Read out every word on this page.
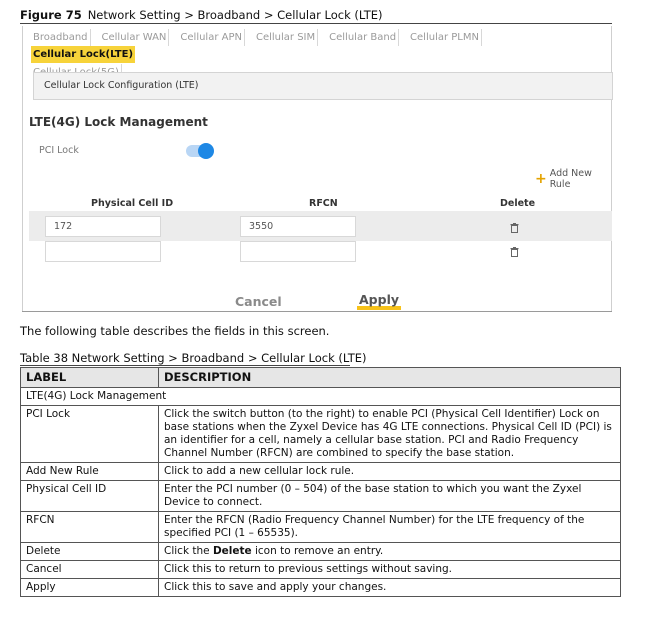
Figure 75 Network Setting > Broadband > Cellular Lock (LTE)
Broadband Cellular WAN Cellular APN Cellular SIM Cellular Band Cellular PLMNCellular Lock(LTE)
Cellular Lock Configuration (LTE)
LTE(4G) Lock Management
PCI Lock
+ Add New Rule
Physical Cell ID	RFCN	Delete
172	3550
Cancel	Apply
The following table describes the fields in this screen.
Table 38 Network Setting > Broadband > Cellular Lock (LTE)
LABEL	DESCRIPTION
LTE(4G) Lock Management	
PCI Lock	Click the switch button (to the right) to enable PCI (Physical Cell Identifier) Lock on base stations when the Zyxel Device has 4G LTE connections. Physical Cell ID (PCI) is an identifier for a cell, namely a cellular base station. PCI and Radio Frequency Channel Number (RFCN) are combined to specify the base station.
Add New Rule	Click to add a new cellular lock rule.
Physical Cell ID	Enter the PCI number (0 – 504) of the base station to which you want the Zyxel Device to connect.
RFCN	Enter the RFCN (Radio Frequency Channel Number) for the LTE frequency of the specified PCI (1 – 65535).
Delete	Click the Delete icon to remove an entry.
Cancel	Click this to return to previous settings without saving.
Apply	Click this to save and apply your changes.
